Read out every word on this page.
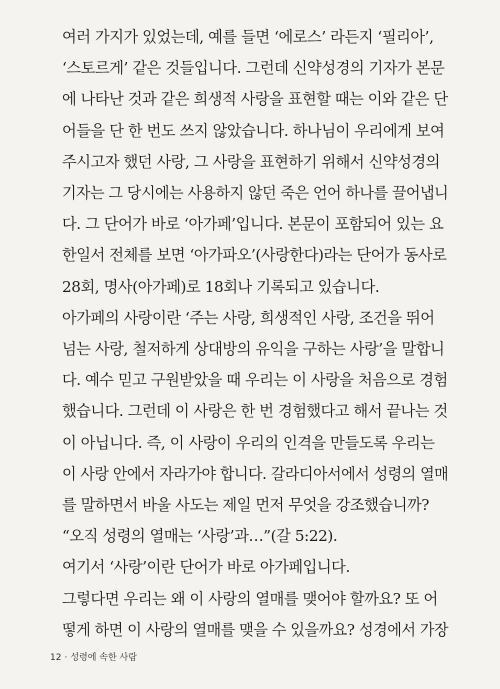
여러 가지가 있었는데, 예를 들면 ‘에로스’ 라든지 ‘필리아’,
‘스토르게’ 같은 것들입니다. 그런데 신약성경의 기자가 본문
에 나타난 것과 같은 희생적 사랑을 표현할 때는 이와 같은 단
어들을 단 한 번도 쓰지 않았습니다. 하나님이 우리에게 보여
주시고자 했던 사랑, 그 사랑을 표현하기 위해서 신약성경의
기자는 그 당시에는 사용하지 않던 죽은 언어 하나를 끌어냅니
다. 그 단어가 바로 ‘아가페’입니다. 본문이 포함되어 있는 요
한일서 전체를 보면 ‘아가파오’(사랑한다)라는 단어가 동사로
28회, 명사(아가페)로 18회나 기록되고 있습니다.
아가페의 사랑이란 ‘주는 사랑, 희생적인 사랑, 조건을 뛰어
넘는 사랑, 철저하게 상대방의 유익을 구하는 사랑’을 말합니
다. 예수 믿고 구원받았을 때 우리는 이 사랑을 처음으로 경험
했습니다. 그런데 이 사랑은 한 번 경험했다고 해서 끝나는 것
이 아닙니다. 즉, 이 사랑이 우리의 인격을 만들도록 우리는
이 사랑 안에서 자라가야 합니다. 갈라디아서에서 성령의 열매
를 말하면서 바울 사도는 제일 먼저 무엇을 강조했습니까?
“오직 성령의 열매는 ‘사랑’과…”(갈 5:22).
여기서 ‘사랑’이란 단어가 바로 아가페입니다.
그렇다면 우리는 왜 이 사랑의 열매를 맺어야 할까요? 또 어
떻게 하면 이 사랑의 열매를 맺을 수 있을까요? 성경에서 가장
12 · 성령에 속한 사람
